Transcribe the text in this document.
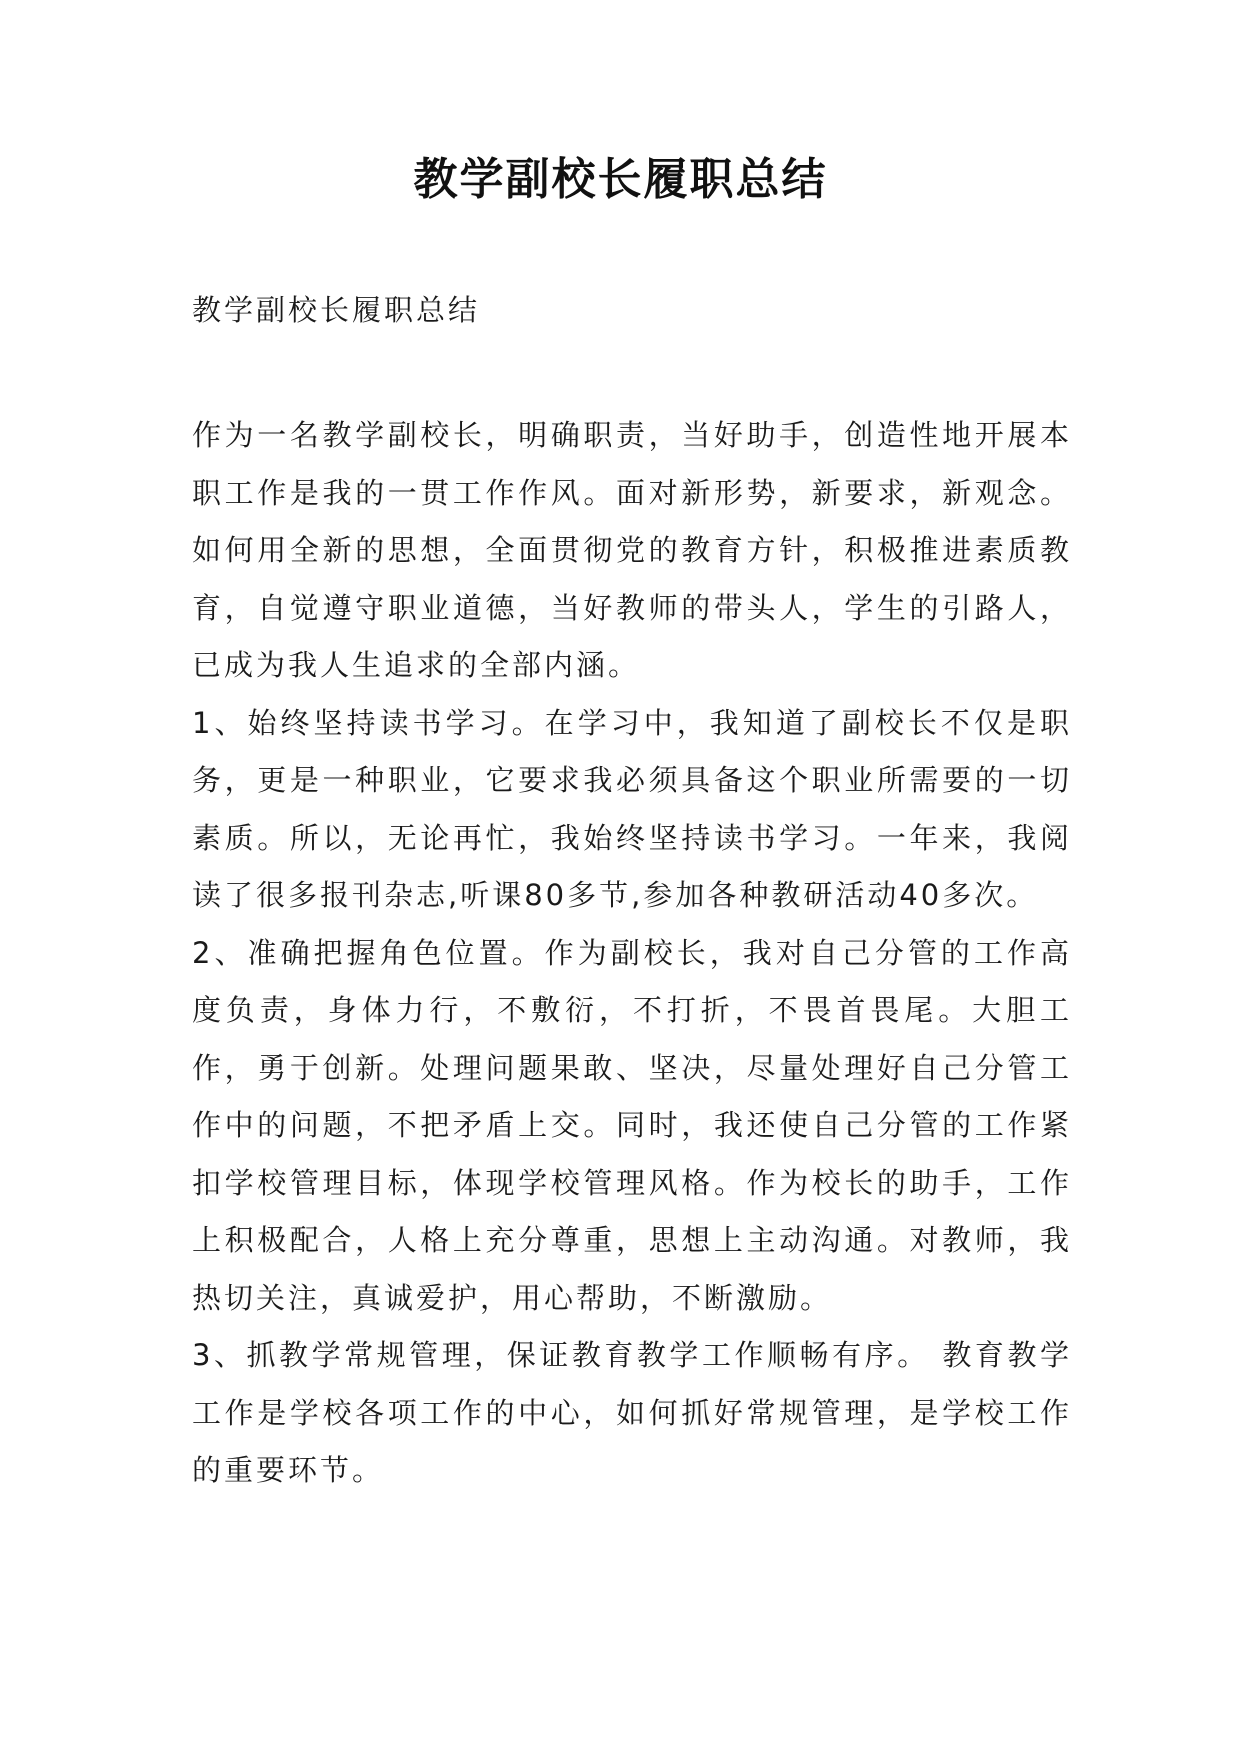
教学副校长履职总结
教学副校长履职总结

作为一名教学副校长，明确职责，当好助手，创造性地开展本职工作是我的一贯工作作风。面对新形势，新要求，新观念。如何用全新的思想，全面贯彻党的教育方针，积极推进素质教育，自觉遵守职业道德，当好教师的带头人，学生的引路人，已成为我人生追求的全部内涵。

1、始终坚持读书学习。在学习中，我知道了副校长不仅是职务，更是一种职业，它要求我必须具备这个职业所需要的一切素质。所以，无论再忙，我始终坚持读书学习。一年来，我阅读了很多报刊杂志,听课80多节,参加各种教研活动40多次。

2、准确把握角色位置。作为副校长，我对自己分管的工作高度负责，身体力行，不敷衍，不打折，不畏首畏尾。大胆工作，勇于创新。处理问题果敢、坚决，尽量处理好自己分管工作中的问题，不把矛盾上交。同时，我还使自己分管的工作紧扣学校管理目标，体现学校管理风格。作为校长的助手，工作上积极配合，人格上充分尊重，思想上主动沟通。对教师，我热切关注，真诚爱护，用心帮助，不断激励。

3、抓教学常规管理，保证教育教学工作顺畅有序。 教育教学工作是学校各项工作的中心，如何抓好常规管理，是学校工作的重要环节。
